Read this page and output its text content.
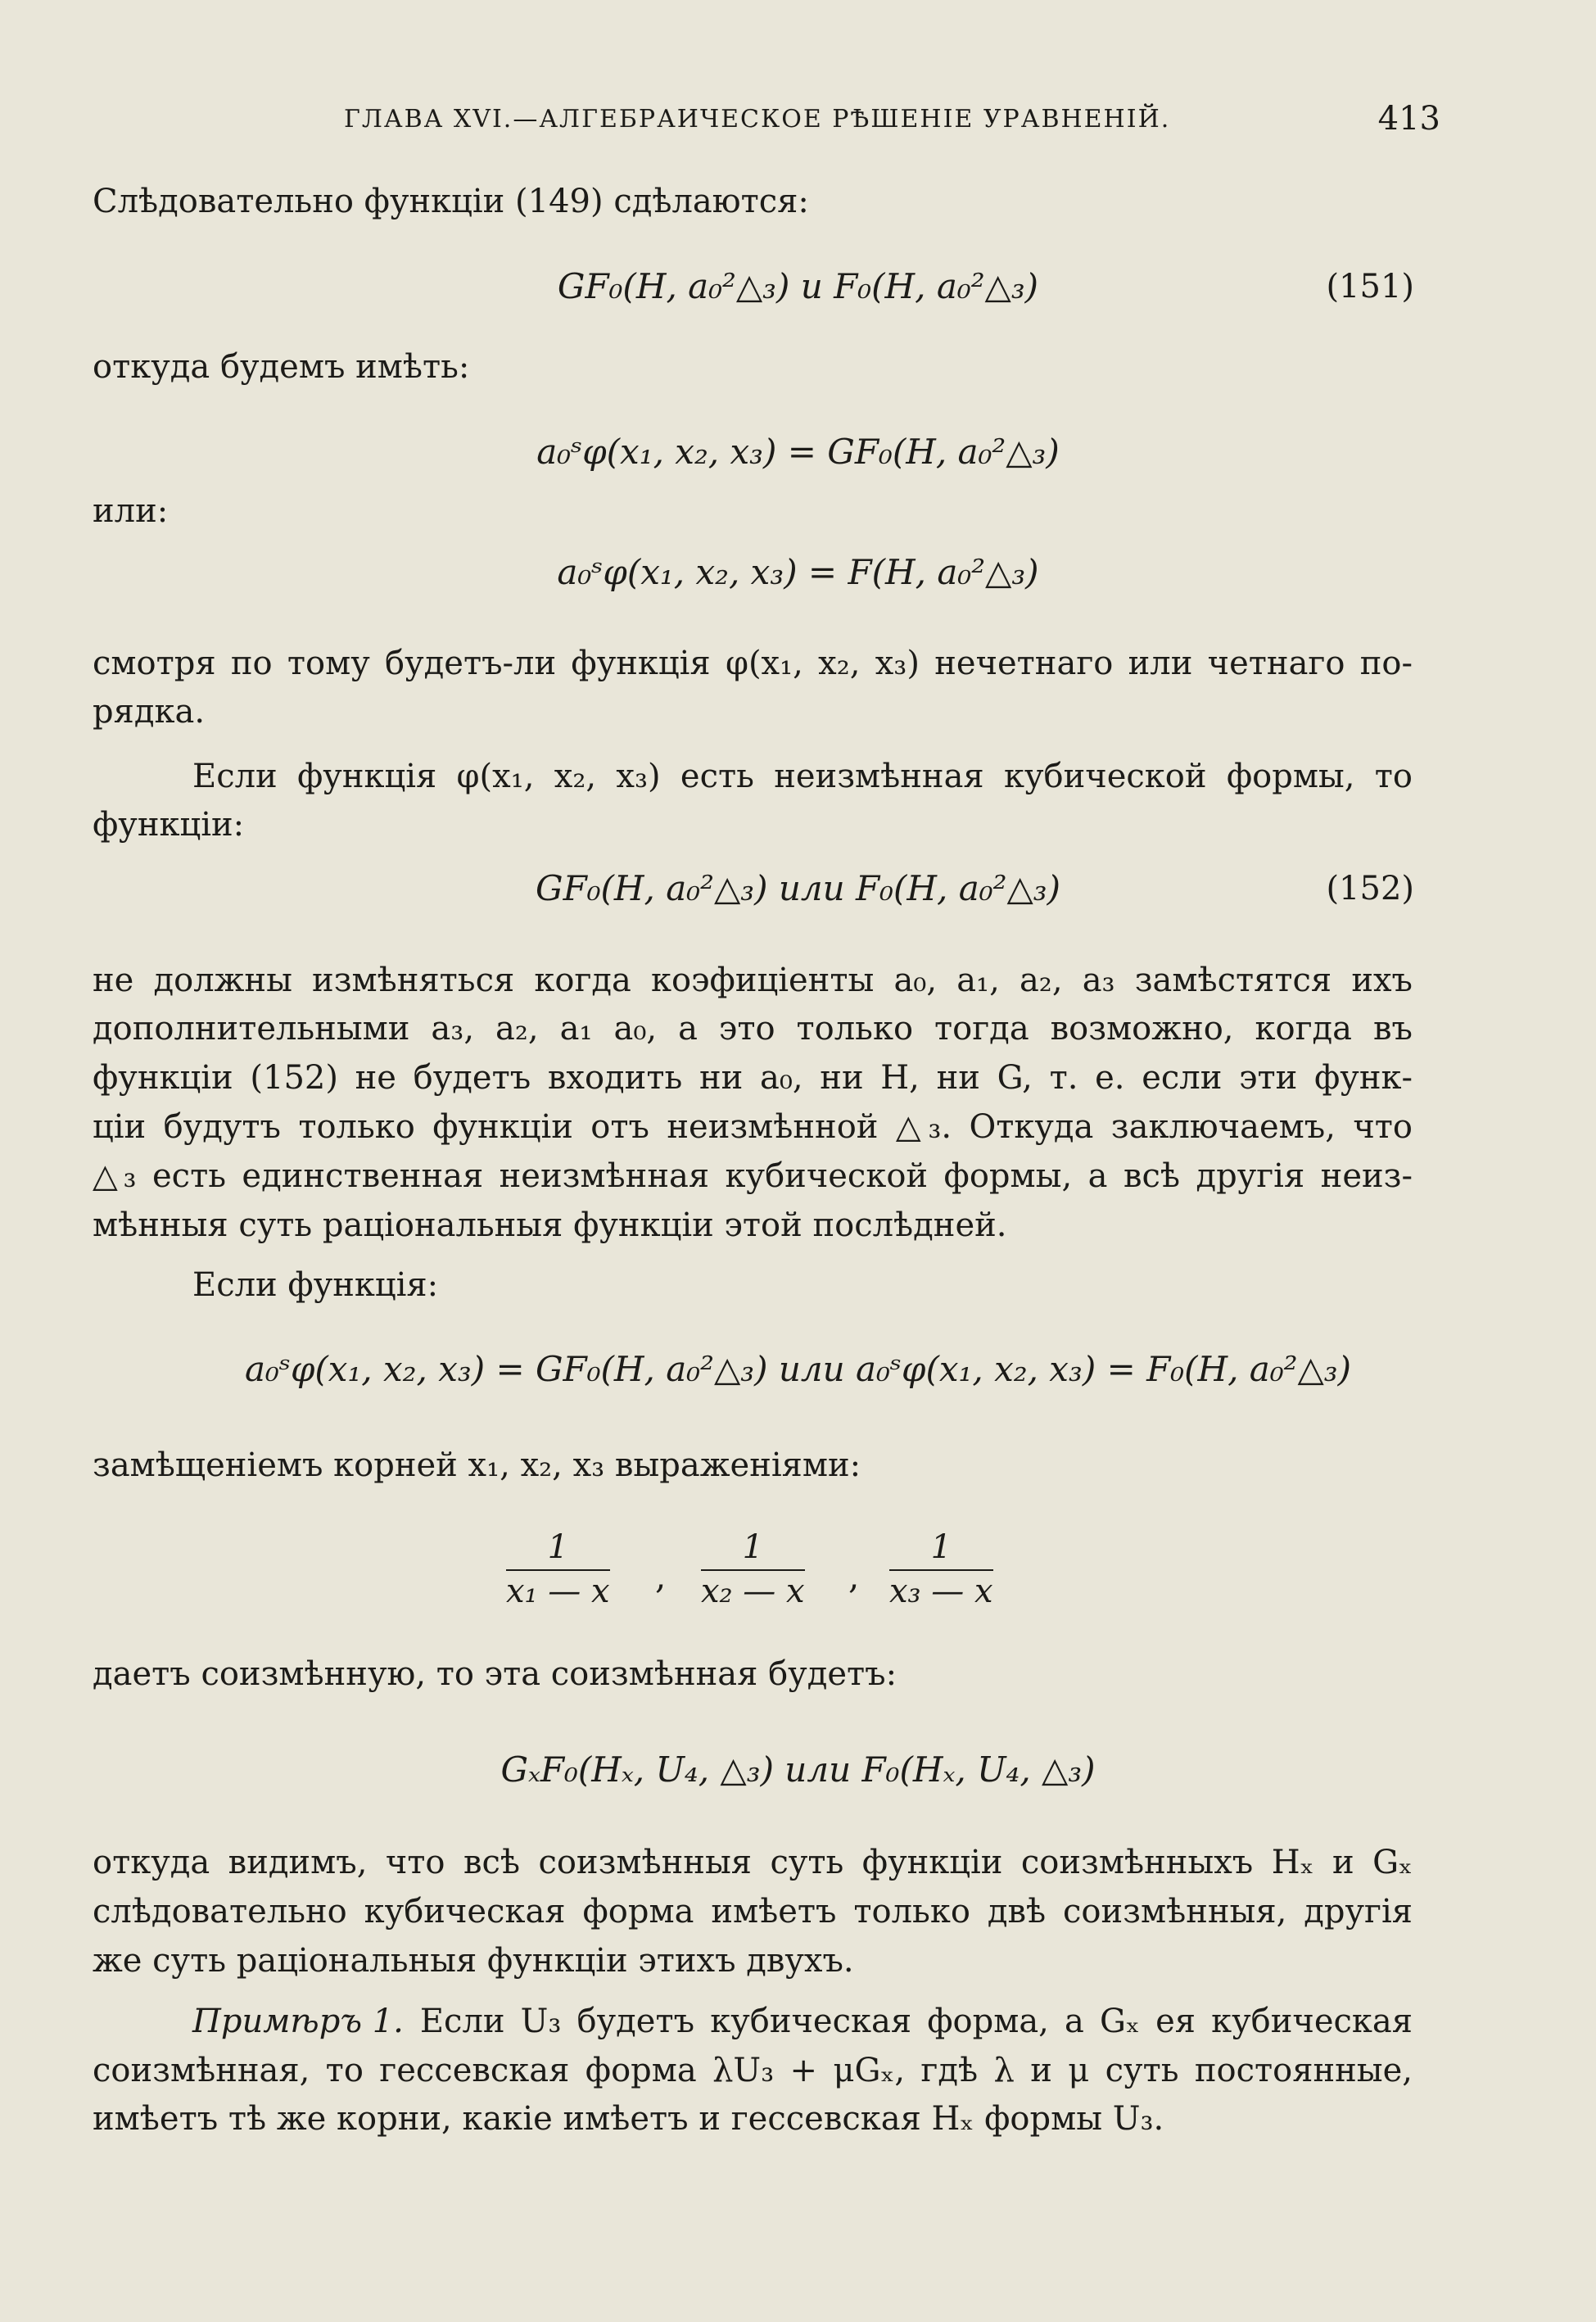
ГЛАВА XVI.—АЛГЕБРАИЧЕСКОЕ РѢШЕНІЕ УРАВНЕНІЙ.	413
Слѣдовательно функціи (149) сдѣлаются:
GF₀(H, a₀²△₃) и F₀(H, a₀²△₃)	(151)
откуда будемъ имѣть:
a₀ˢφ(x₁, x₂, x₃) = GF₀(H, a₀²△₃)
или:
a₀ˢφ(x₁, x₂, x₃) = F(H, a₀²△₃)
смотря по тому будетъ-ли функція φ(x₁, x₂, x₃) нечетнаго или четнаго по-
рядка.
Если функція φ(x₁, x₂, x₃) есть неизмѣнная кубической формы, то
функціи:
GF₀(H, a₀²△₃) или F₀(H, a₀²△₃)	(152)
не должны измѣняться когда коэфиціенты a₀, a₁, a₂, a₃ замѣстятся ихъ
дополнительными a₃, a₂, a₁ a₀, а это только тогда возможно, когда въ
функціи (152) не будетъ входить ни a₀, ни H, ни G, т. е. если эти функ-
ціи будутъ только функціи отъ неизмѣнной △₃. Откуда заключаемъ, что
△₃ есть единственная неизмѣнная кубической формы, а всѣ другія неиз-
мѣнныя суть раціональныя функціи этой послѣдней.
Если функція:
a₀ˢφ(x₁, x₂, x₃) = GF₀(H, a₀²△₃) или a₀ˢφ(x₁, x₂, x₃) = F₀(H, a₀²△₃)
замѣщеніемъ корней x₁, x₂, x₃ выраженіями:
$\frac{1}{\text{x₁ — x}}$ , $\frac{1}{\text{x₂ — x}}$ , $\frac{1}{\text{x₃ — x}}$
даетъ соизмѣнную, то эта соизмѣнная будетъ:
GₓF₀(Hₓ, U₄, △₃) или F₀(Hₓ, U₄, △₃)
откуда видимъ, что всѣ соизмѣнныя суть функціи соизмѣнныхъ Hₓ и Gₓ
слѣдовательно кубическая форма имѣетъ только двѣ соизмѣнныя, другія
же суть раціональныя функціи этихъ двухъ.
Примѣръ 1. Если U₃ будетъ кубическая форма, а Gₓ ея кубическая
соизмѣнная, то гессевская форма λU₃ + μGₓ, гдѣ λ и μ суть постоянные,
имѣетъ тѣ же корни, какіе имѣетъ и гессевская Hₓ формы U₃.
